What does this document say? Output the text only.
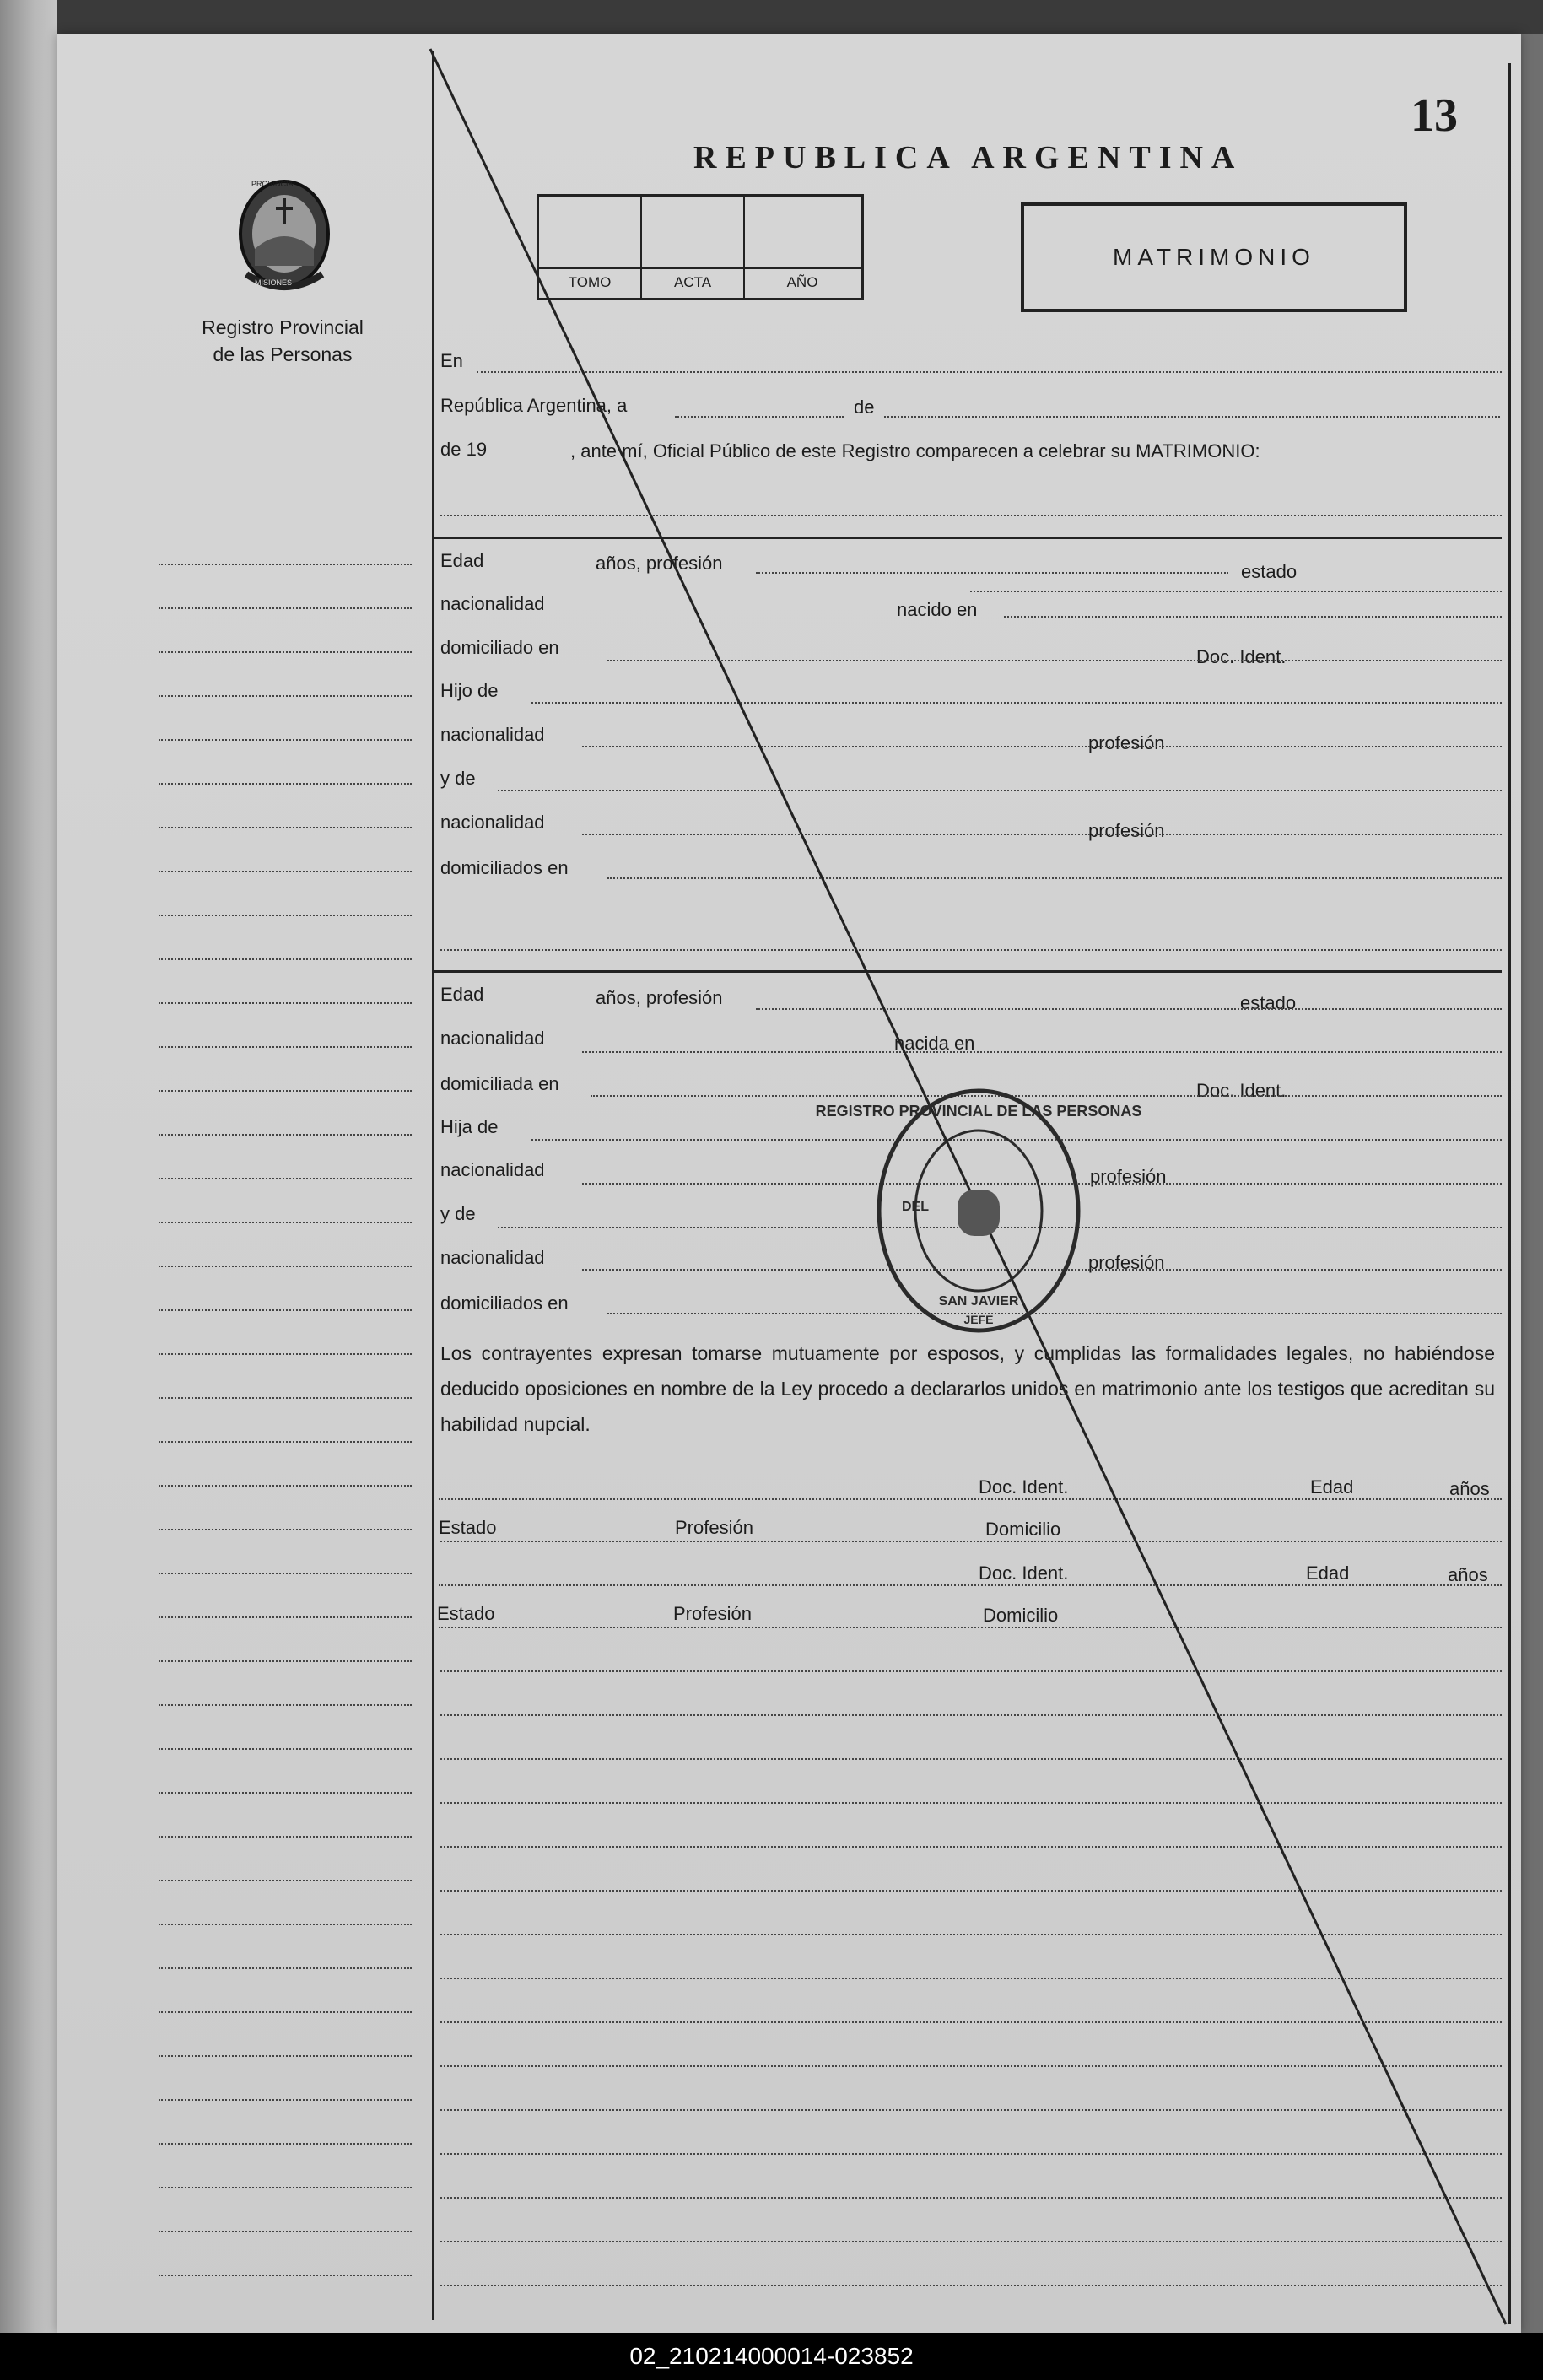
PROVINCIA
MISIONES
Registro Provincial
de las Personas
REPUBLICA ARGENTINA
13
TOMO	ACTA	AÑO
MATRIMONIO
En
República Argentina, a	de
de 19	, ante mí, Oficial Público de este Registro comparecen a celebrar su MATRIMONIO:
Edad	años, profesión	estado
nacionalidad	nacido en
domiciliado en	Doc. Ident.
Hijo de
nacionalidad	profesión
y de
nacionalidad	profesión
domiciliados en
Edad	años, profesión	estado
nacionalidad	nacida en
domiciliada en	Doc. Ident.
Hija de
nacionalidad	profesión
y de
nacionalidad	profesión
domiciliados en
Los contrayentes expresan tomarse mutuamente por esposos, y cumplidas las formalidades legales, no habiéndose deducido oposiciones en nombre de la Ley procedo a declararlos unidos en matrimonio ante los testigos que acreditan su habilidad nupcial.
Doc. Ident.	Edad	años
Estado	Profesión	Domicilio
Doc. Ident.	Edad	años
Estado	Profesión	Domicilio
REGISTRO PROVINCIAL DE LAS PERSONAS
DEL
SAN JAVIER
JEFE
02_210214000014-023852
